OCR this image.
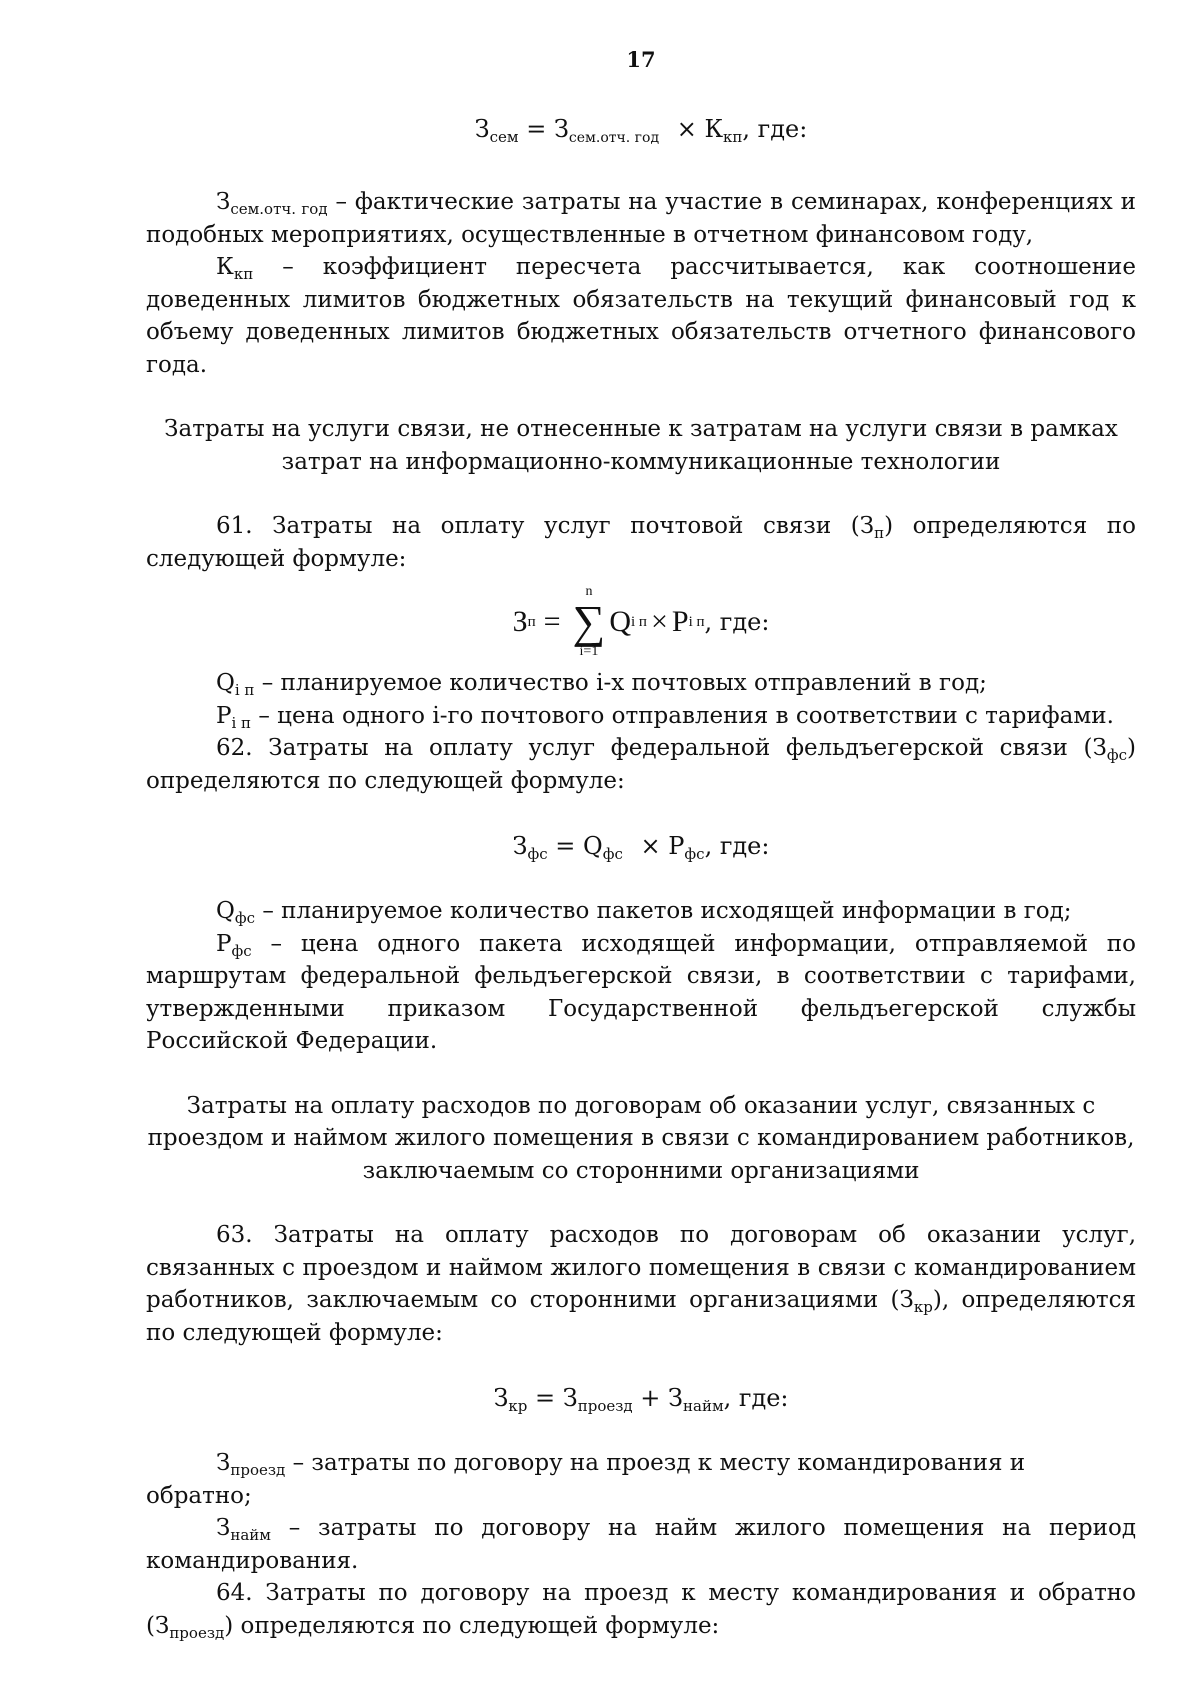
17
$З_{сем} = З_{сем.отч. год} \times К_{кп}$, где:

$З_{сем.отч. год}$ – фактические затраты на участие в семинарах, конференциях и подобных мероприятиях, осуществленные в отчетном финансовом году,

$К_{кп}$ – коэффициент пересчета рассчитывается, как соотношение доведенных лимитов бюджетных обязательств на текущий финансовый год к объему доведенных лимитов бюджетных обязательств отчетного финансового года.

Затраты на услуги связи, не отнесенные к затратам на услуги связи в рамках
затрат на информационно-коммуникационные технологии

61. Затраты на оплату услуг почтовой связи $(З_п)$ определяются по следующей формуле:

З п =
n
∑
i=1
Q i п × P i п , где:

$Q_{i п}$ – планируемое количество i-х почтовых отправлений в год;

$P_{i п}$ – цена одного i-го почтового отправления в соответствии с тарифами.

62. Затраты на оплату услуг федеральной фельдъегерской связи $(З_{фс})$ определяются по следующей формуле:

$З_{фс} = Q_{фс} \times P_{фс}$, где:

$Q_{фс}$ – планируемое количество пакетов исходящей информации в год;

$P_{фс}$ – цена одного пакета исходящей информации, отправляемой по маршрутам федеральной фельдъегерской связи, в соответствии с тарифами, утвержденными приказом Государственной фельдъегерской службы Российской Федерации.

Затраты на оплату расходов по договорам об оказании услуг, связанных с
проездом и наймом жилого помещения в связи с командированием работников,
заключаемым со сторонними организациями

63. Затраты на оплату расходов по договорам об оказании услуг, связанных с проездом и наймом жилого помещения в связи с командированием работников, заключаемым со сторонними организациями $(З_{кр})$, определяются по следующей формуле:

$З_{кр} = З_{проезд} + З_{найм}$, где:

$З_{проезд}$ – затраты по договору на проезд к месту командирования и обратно;

$З_{найм}$ – затраты по договору на найм жилого помещения на период командирования.

64. Затраты по договору на проезд к месту командирования и обратно $(З_{проезд})$ определяются по следующей формуле:
